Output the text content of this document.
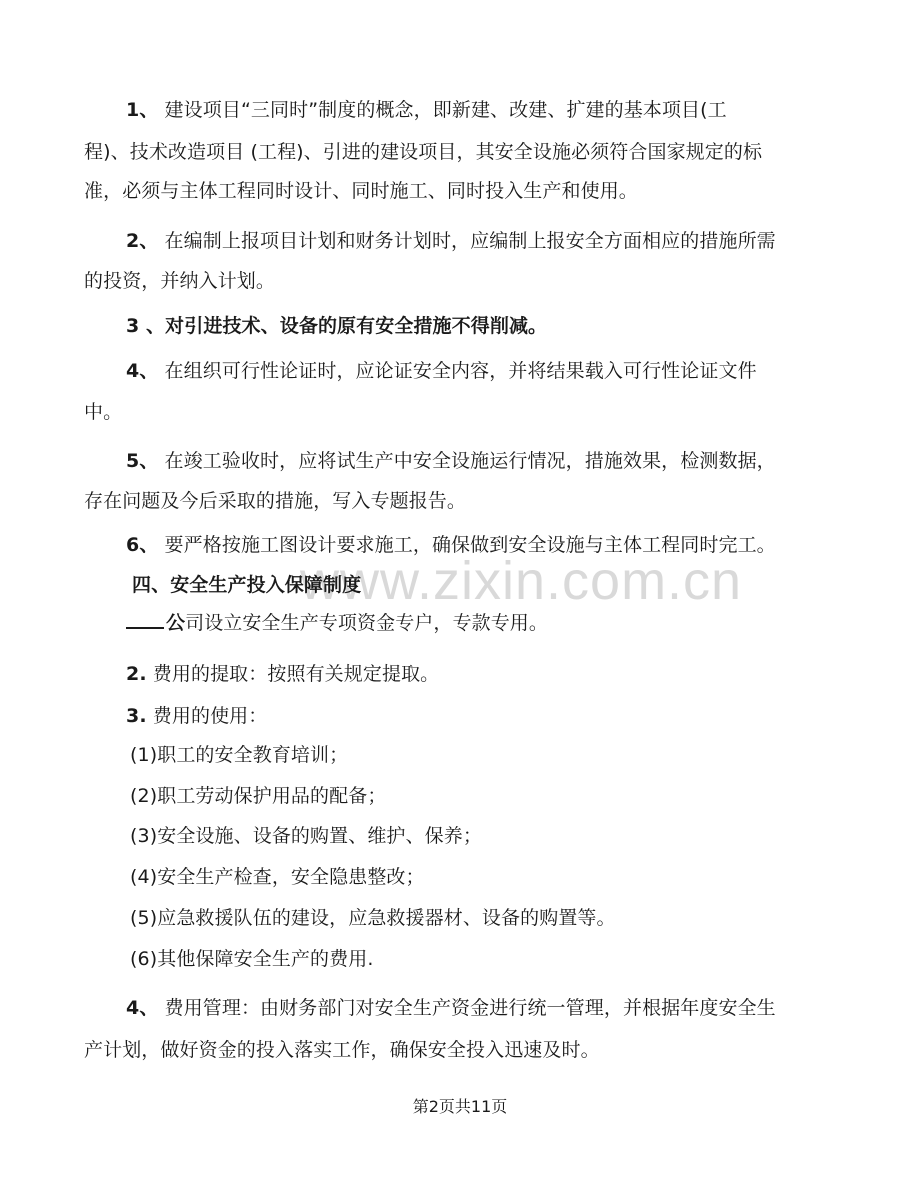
www.zixin.com.cn
1、 建设项目“三同时”制度的概念，即新建、改建、扩建的基本项目(工
程)、技术改造项目 (工程)、引进的建设项目，其安全设施必须符合国家规定的标
准，必须与主体工程同时设计、同时施工、同时投入生产和使用。
2、 在编制上报项目计划和财务计划时，应编制上报安全方面相应的措施所需
的投资，并纳入计划。
3 、对引进技术、设备的原有安全措施不得削减。
4、 在组织可行性论证时，应论证安全内容，并将结果载入可行性论证文件
中。
5、 在竣工验收时，应将试生产中安全设施运行情况，措施效果，检测数据，
存在问题及今后采取的措施，写入专题报告。
6、 要严格按施工图设计要求施工，确保做到安全设施与主体工程同时完工。
四、安全生产投入保障制度
公司设立安全生产专项资金专户，专款专用。
2. 费用的提取：按照有关规定提取。
3. 费用的使用：
(1)职工的安全教育培训；
(2)职工劳动保护用品的配备；
(3)安全设施、设备的购置、维护、保养；
(4)安全生产检查，安全隐患整改；
(5)应急救援队伍的建设，应急救援器材、设备的购置等。
(6)其他保障安全生产的费用.
4、 费用管理：由财务部门对安全生产资金进行统一管理，并根据年度安全生
产计划，做好资金的投入落实工作，确保安全投入迅速及时。
第2页共11页
